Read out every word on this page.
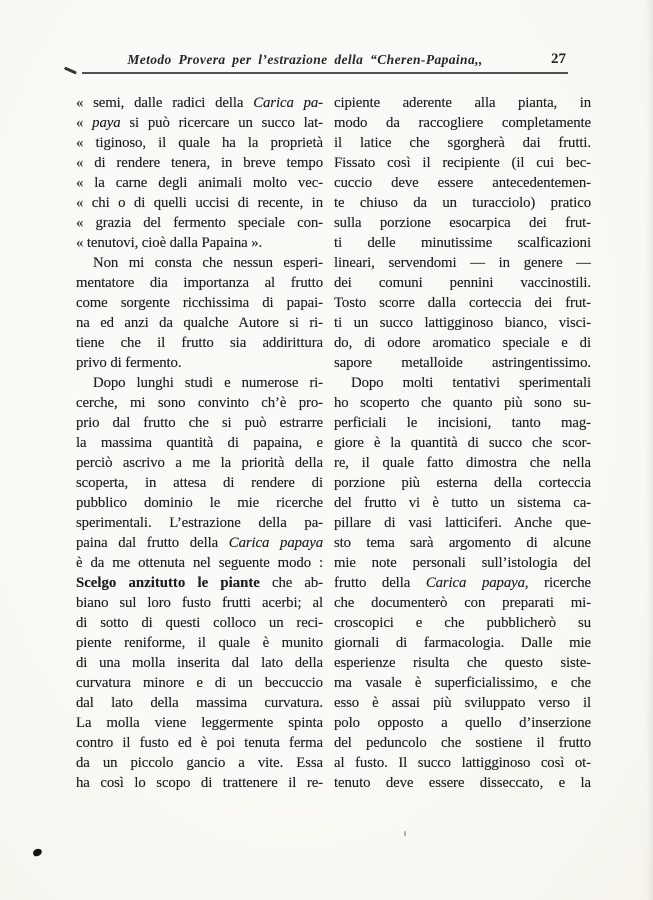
Metodo Provera per l’estrazione della “Cheren-Papaina,,	27
« semi, dalle radici della Carica pa-
« paya si può ricercare un succo lat-
« tiginoso, il quale ha la proprietà
« di rendere tenera, in breve tempo
« la carne degli animali molto vec-
« chi o di quelli uccisi di recente, in
« grazia del fermento speciale con-
« tenutovi, cioè dalla Papaina ».
Non mi consta che nessun esperi-
mentatore dia importanza al frutto
come sorgente ricchissima di papai-
na ed anzi da qualche Autore si ri-
tiene che il frutto sia addirittura
privo di fermento.
Dopo lunghi studi e numerose ri-
cerche, mi sono convinto ch’è pro-
prio dal frutto che si può estrarre
la massima quantità di papaina, e
perciò ascrivo a me la priorità della
scoperta, in attesa di rendere di
pubblico dominio le mie ricerche
sperimentali. L’estrazione della pa-
paina dal frutto della Carica papaya
è da me ottenuta nel seguente modo :
Scelgo anzitutto le piante che ab-
biano sul loro fusto frutti acerbi; al
di sotto di questi colloco un reci-
piente reniforme, il quale è munito
di una molla inserita dal lato della
curvatura minore e di un beccuccio
dal lato della massima curvatura.
La molla viene leggermente spinta
contro il fusto ed è poi tenuta ferma
da un piccolo gancio a vite. Essa
ha così lo scopo di trattenere il re-
cipiente aderente alla pianta, in
modo da raccogliere completamente
il latice che sgorgherà dai frutti.
Fissato così il recipiente (il cui bec-
cuccio deve essere antecedentemen-
te chiuso da un turacciolo) pratico
sulla porzione esocarpica dei frut-
ti delle minutissime scalficazioni
lineari, servendomi — in genere —
dei comuni pennini vaccinostili.
Tosto scorre dalla corteccia dei frut-
ti un succo lattigginoso bianco, visci-
do, di odore aromatico speciale e di
sapore metalloide astringentissimo.
Dopo molti tentativi sperimentali
ho scoperto che quanto più sono su-
perficiali le incisioni, tanto mag-
giore è la quantità di succo che scor-
re, il quale fatto dimostra che nella
porzione più esterna della corteccia
del frutto vi è tutto un sistema ca-
pillare di vasi latticiferi. Anche que-
sto tema sarà argomento di alcune
mie note personali sull’istologia del
frutto della Carica papaya, ricerche
che documenterò con preparati mi-
croscopici e che pubblicherò su
giornali di farmacologia. Dalle mie
esperienze risulta che questo siste-
ma vasale è superficialissimo, e che
esso è assai più sviluppato verso il
polo opposto a quello d’inserzione
del peduncolo che sostiene il frutto
al fusto. Il succo lattigginoso così ot-
tenuto deve essere disseccato, e la
